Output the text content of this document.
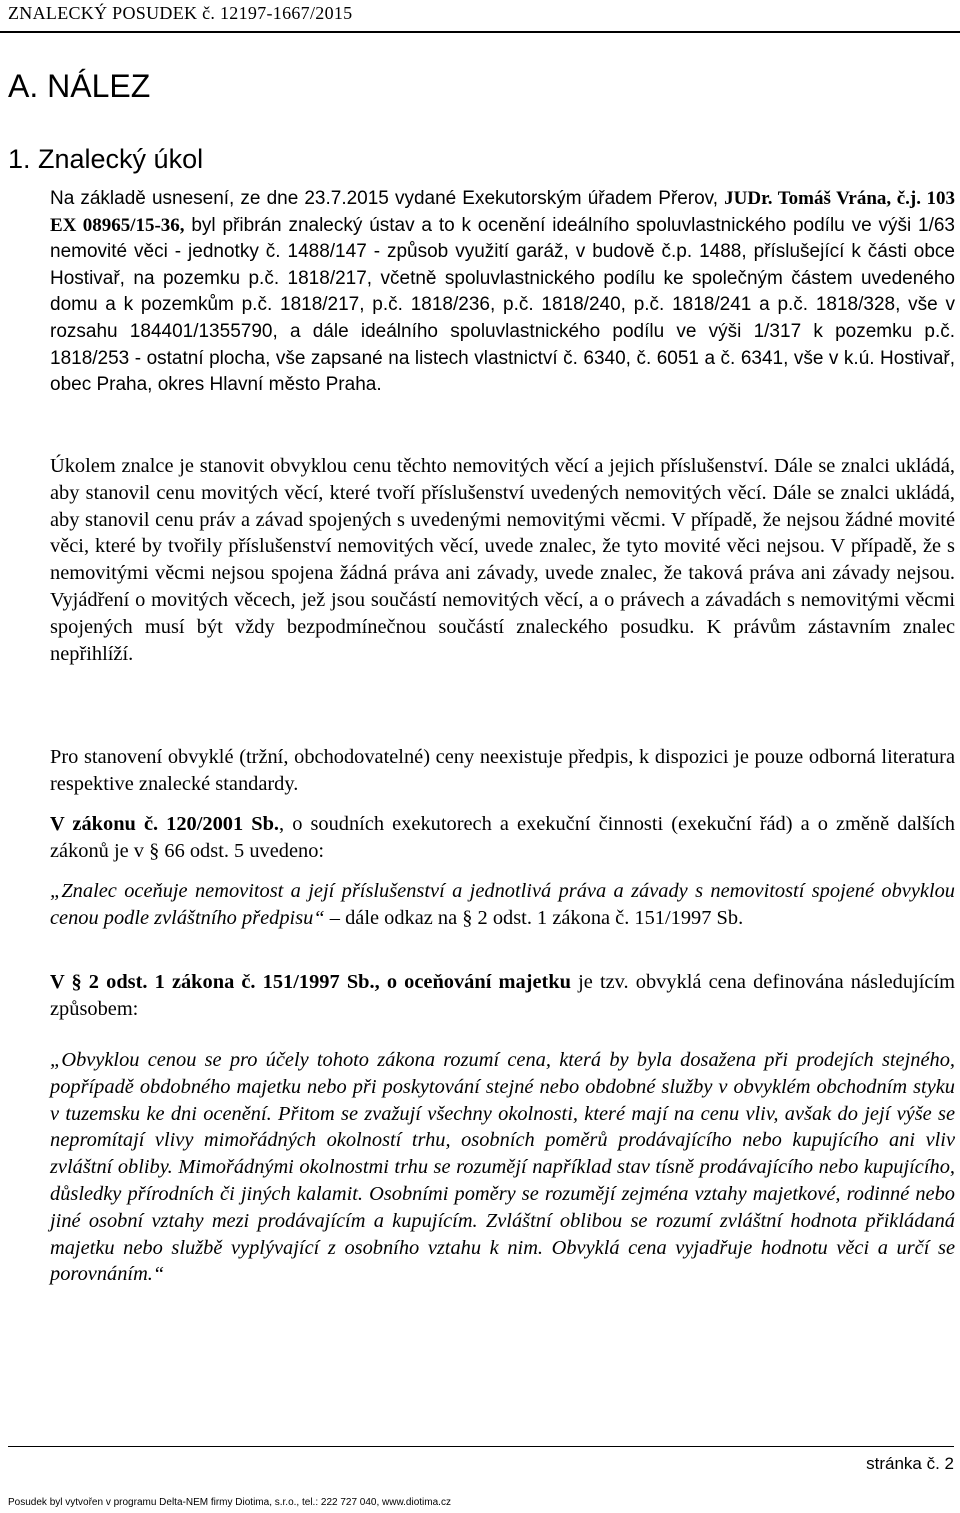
ZNALECKÝ POSUDEK č. 12197-1667/2015
A. NÁLEZ
1. Znalecký úkol
Na základě usnesení, ze dne 23.7.2015 vydané Exekutorským úřadem Přerov, JUDr. Tomáš Vrána, č.j. 103 EX 08965/15-36, byl přibrán znalecký ústav a to k ocenění ideálního spoluvlastnického podílu ve výši 1/63 nemovité věci - jednotky č. 1488/147 - způsob využití garáž, v budově č.p. 1488, příslušející k části obce Hostivař, na pozemku p.č. 1818/217, včetně spoluvlastnického podílu ke společným částem uvedeného domu a k pozemkům p.č. 1818/217, p.č. 1818/236, p.č. 1818/240, p.č. 1818/241 a p.č. 1818/328, vše v rozsahu 184401/1355790, a dále ideálního spoluvlastnického podílu ve výši 1/317 k pozemku p.č. 1818/253 - ostatní plocha, vše zapsané na listech vlastnictví č. 6340, č. 6051 a č. 6341, vše v k.ú. Hostivař, obec Praha, okres Hlavní město Praha.
Úkolem znalce je stanovit obvyklou cenu těchto nemovitých věcí a jejich příslušenství. Dále se znalci ukládá, aby stanovil cenu movitých věcí, které tvoří příslušenství uvedených nemovitých věcí. Dále se znalci ukládá, aby stanovil cenu práv a závad spojených s uvedenými nemovitými věcmi. V případě, že nejsou žádné movité věci, které by tvořily příslušenství nemovitých věcí, uvede znalec, že tyto movité věci nejsou. V případě, že s nemovitými věcmi nejsou spojena žádná práva ani závady, uvede znalec, že taková práva ani závady nejsou. Vyjádření o movitých věcech, jež jsou součástí nemovitých věcí, a o právech a závadách s nemovitými věcmi spojených musí být vždy bezpodmínečnou součástí znaleckého posudku. K právům zástavním znalec nepřihlíží.
Pro stanovení obvyklé (tržní, obchodovatelné) ceny neexistuje předpis, k dispozici je pouze odborná literatura respektive znalecké standardy.
V zákonu č. 120/2001 Sb., o soudních exekutorech a exekuční činnosti (exekuční řád) a o změně dalších zákonů je v § 66 odst. 5 uvedeno:
„Znalec oceňuje nemovitost a její příslušenství a jednotlivá práva a závady s nemovitostí spojené obvyklou cenou podle zvláštního předpisu“ – dále odkaz na § 2 odst. 1 zákona č. 151/1997 Sb.
V § 2 odst. 1 zákona č. 151/1997 Sb., o oceňování majetku je tzv. obvyklá cena definována následujícím způsobem:
„Obvyklou cenou se pro účely tohoto zákona rozumí cena, která by byla dosažena při prodejích stejného, popřípadě obdobného majetku nebo při poskytování stejné nebo obdobné služby v obvyklém obchodním styku v tuzemsku ke dni ocenění. Přitom se zvažují všechny okolnosti, které mají na cenu vliv, avšak do její výše se nepromítají vlivy mimořádných okolností trhu, osobních poměrů prodávajícího nebo kupujícího ani vliv zvláštní obliby. Mimořádnými okolnostmi trhu se rozumějí například stav tísně prodávajícího nebo kupujícího, důsledky přírodních či jiných kalamit. Osobními poměry se rozumějí zejména vztahy majetkové, rodinné nebo jiné osobní vztahy mezi prodávajícím a kupujícím. Zvláštní oblibou se rozumí zvláštní hodnota přikládaná majetku nebo službě vyplývající z osobního vztahu k nim. Obvyklá cena vyjadřuje hodnotu věci a určí se porovnáním.“
stránka č. 2
Posudek byl vytvořen v programu Delta-NEM firmy Diotima, s.r.o., tel.: 222 727 040, www.diotima.cz
